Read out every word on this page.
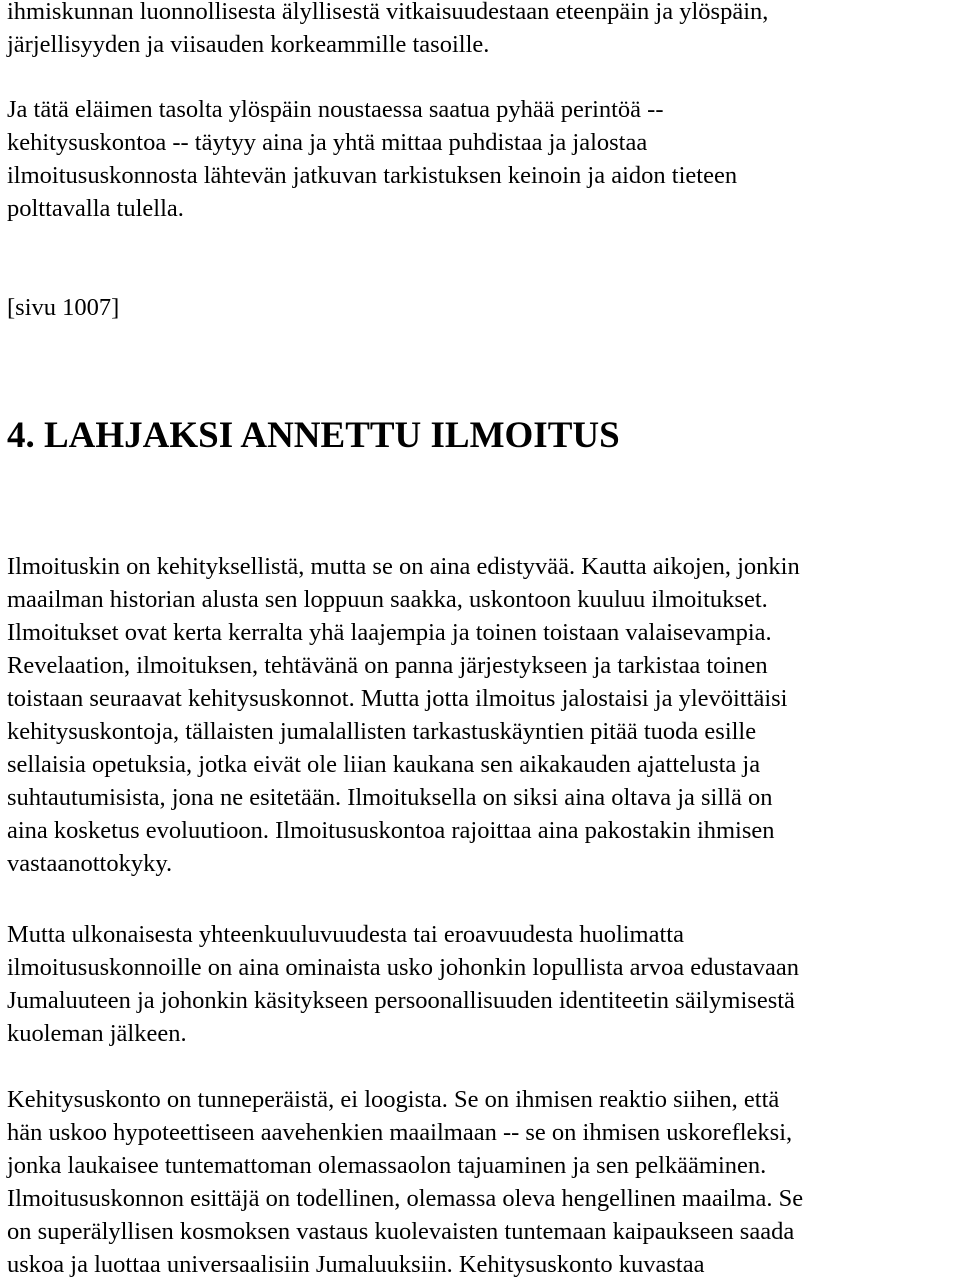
ihmiskunnan luonnollisesta älyllisestä vitkaisuudestaan eteenpäin ja ylöspäin,
järjellisyyden ja viisauden korkeammille tasoille.

Ja tätä eläimen tasolta ylöspäin noustaessa saatua pyhää perintöä --
kehitysuskontoa -- täytyy aina ja yhtä mittaa puhdistaa ja jalostaa
ilmoitususkonnosta lähtevän jatkuvan tarkistuksen keinoin ja aidon tieteen
polttavalla tulella.

[sivu 1007]

4. LAHJAKSI ANNETTU ILMOITUS

Ilmoituskin on kehityksellistä, mutta se on aina edistyvää. Kautta aikojen, jonkin
maailman historian alusta sen loppuun saakka, uskontoon kuuluu ilmoitukset.
Ilmoitukset ovat kerta kerralta yhä laajempia ja toinen toistaan valaisevampia.
Revelaation, ilmoituksen, tehtävänä on panna järjestykseen ja tarkistaa toinen
toistaan seuraavat kehitysuskonnot. Mutta jotta ilmoitus jalostaisi ja ylevöittäisi
kehitysuskontoja, tällaisten jumalallisten tarkastuskäyntien pitää tuoda esille
sellaisia opetuksia, jotka eivät ole liian kaukana sen aikakauden ajattelusta ja
suhtautumisista, jona ne esitetään. Ilmoituksella on siksi aina oltava ja sillä on
aina kosketus evoluutioon. Ilmoitususkontoa rajoittaa aina pakostakin ihmisen
vastaanottokyky.

Mutta ulkonaisesta yhteenkuuluvuudesta tai eroavuudesta huolimatta
ilmoitususkonnoille on aina ominaista usko johonkin lopullista arvoa edustavaan
Jumaluuteen ja johonkin käsitykseen persoonallisuuden identiteetin säilymisestä
kuoleman jälkeen.

Kehitysuskonto on tunneperäistä, ei loogista. Se on ihmisen reaktio siihen, että
hän uskoo hypoteettiseen aavehenkien maailmaan -- se on ihmisen uskorefleksi,
jonka laukaisee tuntemattoman olemassaolon tajuaminen ja sen pelkääminen.
Ilmoitususkonnon esittäjä on todellinen, olemassa oleva hengellinen maailma. Se
on superälyllisen kosmoksen vastaus kuolevaisten tuntemaan kaipaukseen saada
uskoa ja luottaa universaalisiin Jumaluuksiin. Kehitysuskonto kuvastaa
